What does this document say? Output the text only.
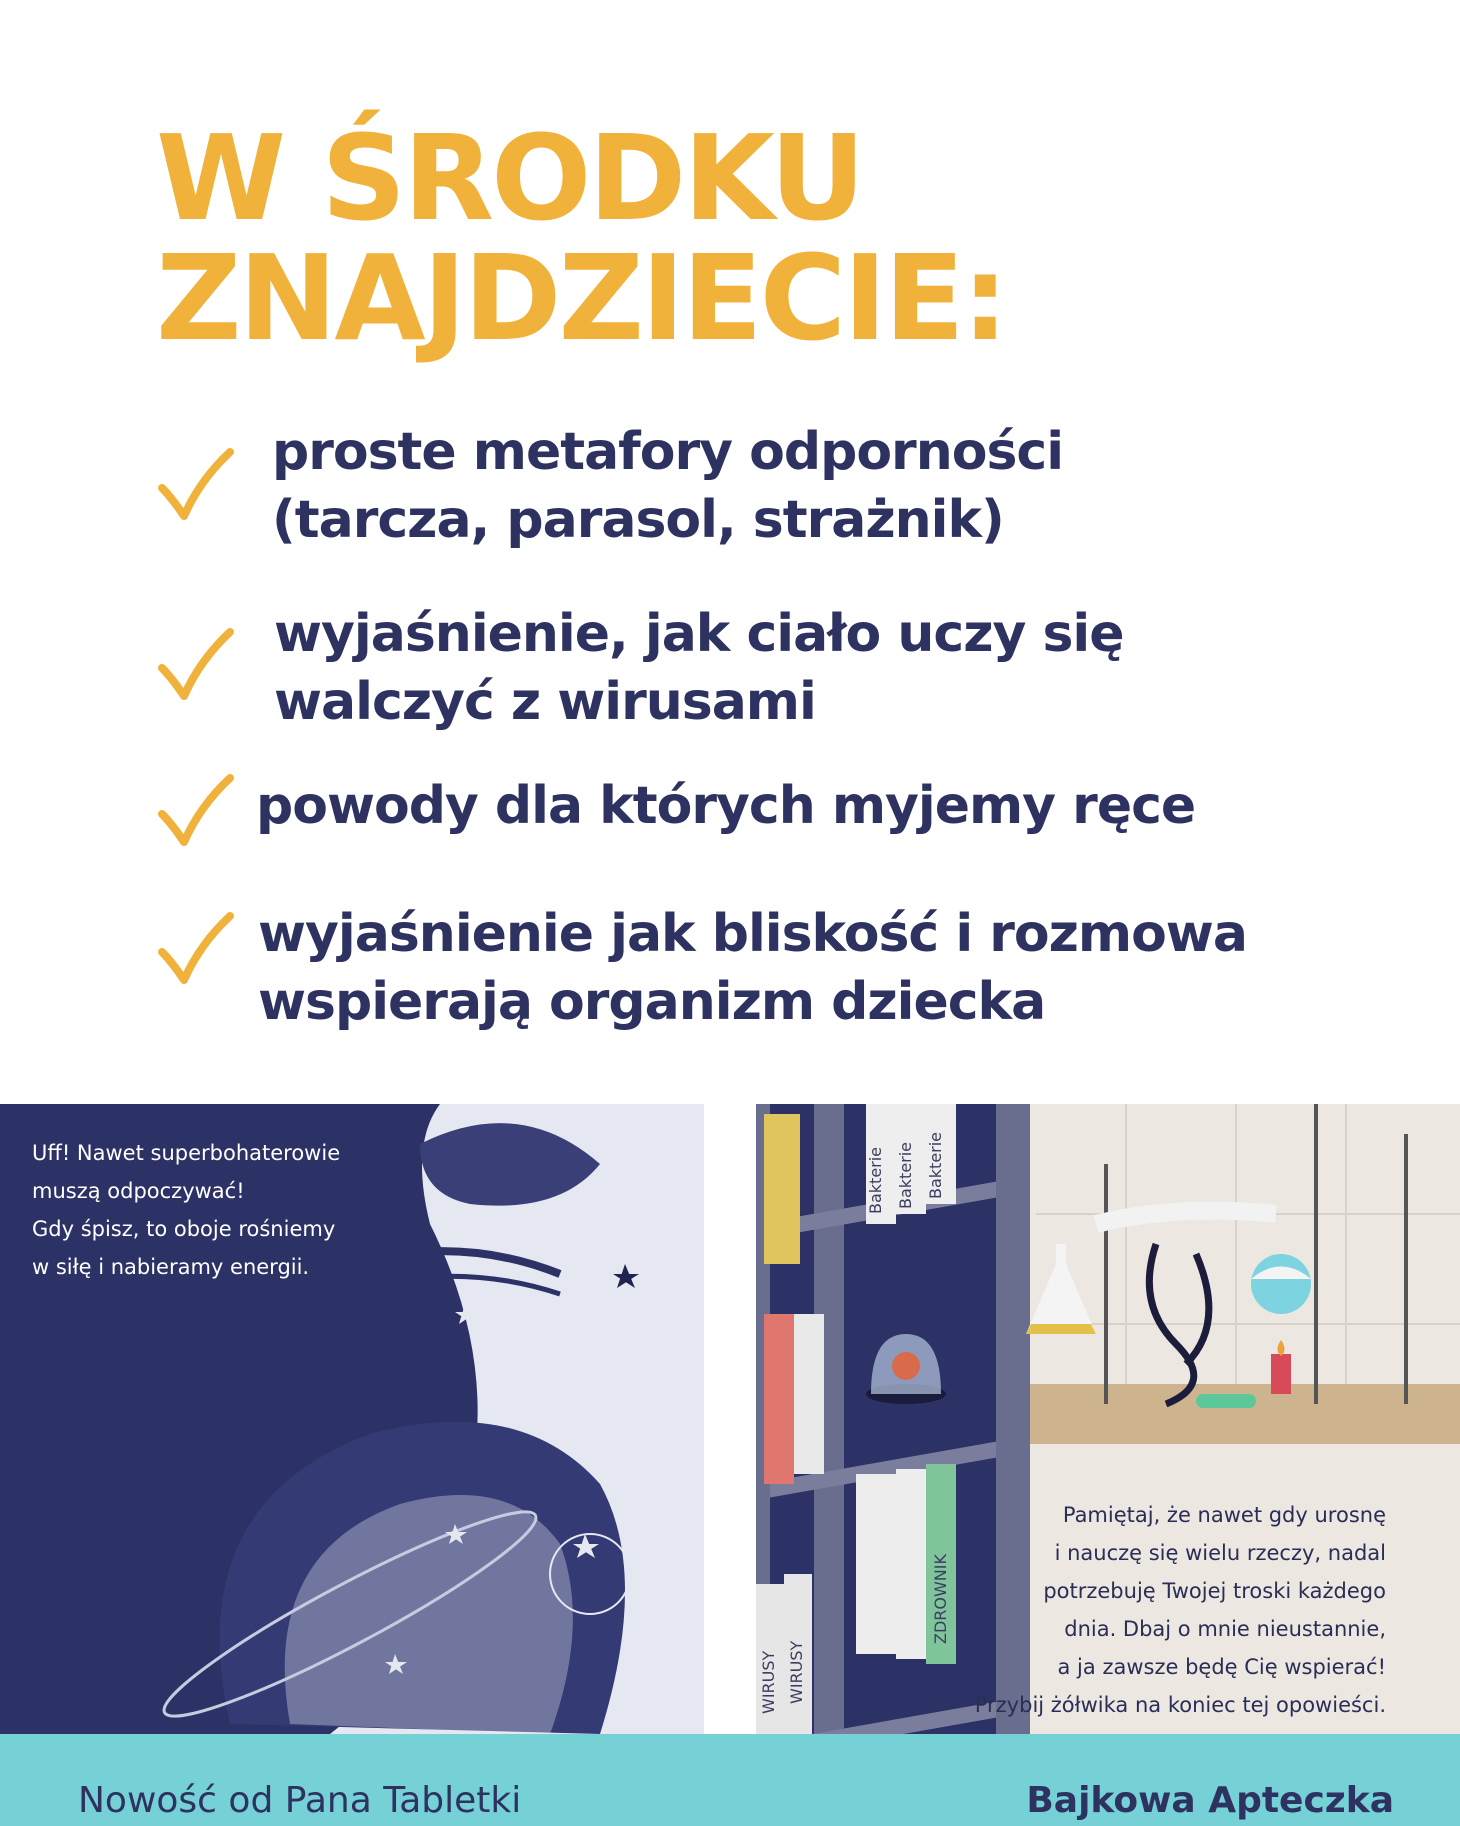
W ŚRODKU
ZNAJDZIECIE:
proste metafory odporności
(tarcza, parasol, strażnik)
wyjaśnienie, jak ciało uczy się
walczyć z wirusami
powody dla których myjemy ręce
wyjaśnienie jak bliskość i rozmowa
wspierają organizm dziecka
Uff! Nawet superbohaterowie
muszą odpoczywać!
Gdy śpisz, to oboje rośniemy
w siłę i nabieramy energii.
Bakterie Bakterie Bakterie
WIRUSY WIRUSY
ZDROWNIK
Pamiętaj, że nawet gdy urosnę
i nauczę się wielu rzeczy, nadal
potrzebuję Twojej troski każdego
dnia. Dbaj o mnie nieustannie,
a ja zawsze będę Cię wspierać!
Przybij żółwika na koniec tej opowieści.
Nowość od Pana Tabletki	Bajkowa Apteczka
